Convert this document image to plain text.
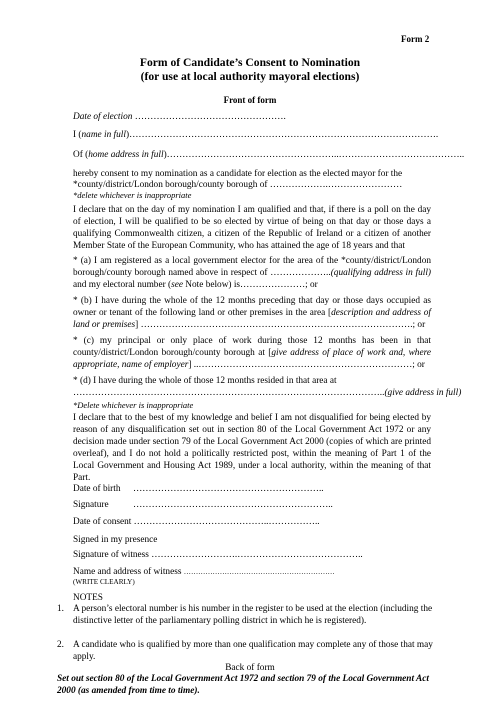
Form 2
Form of Candidate’s Consent to Nomination
(for use at local authority mayoral elections)
Front of form
Date of election ………………………………………….
I (name in full)……………………………………………………………………………………….
Of (home address in full)………………………………………………..…………………………………..
hereby consent to my nomination as a candidate for election as the elected mayor for the
*county/district/London borough/county borough of ……………….……………………
*delete whichever is inappropriate
I declare that on the day of my nomination I am qualified and that, if there is a poll on the day of election, I will be qualified to be so elected by virtue of being on that day or those days a qualifying Commonwealth citizen, a citizen of the Republic of Ireland or a citizen of another Member State of the European Community, who has attained the age of 18 years and that
* (a) I am registered as a local government elector for the area of the *county/district/London borough/county borough named above in respect of ………………..(qualifying address in full) and my electoral number (see Note below) is…………………; or
* (b) I have during the whole of the 12 months preceding that day or those days occupied as owner or tenant of the following land or other premises in the area [description and address of land or premises] …………………………………………………………………………….; or
* (c) my principal or only place of work during those 12 months has been in that county/district/London borough/county borough at [give address of place of work and, where appropriate, name of employer] ..……………………………………………………………; or
* (d) I have during the whole of those 12 months resided in that area at
………………………………………………………………………………………..(give address in full)
*Delete whichever is inappropriate
I declare that to the best of my knowledge and belief I am not disqualified for being elected by reason of any disqualification set out in section 80 of the Local Government Act 1972 or any decision made under section 79 of the Local Government Act 2000 (copies of which are printed overleaf), and I do not hold a politically restricted post, within the meaning of Part 1 of the Local Government and Housing Act 1989, under a local authority, within the meaning of that Part.
Date of birth ……………………………………………………..
Signature	………………………………………………………..
Date of consent ……………………………………..……………..
Signed in my presence
Signature of witness ……………………….…………………………………..
Name and address of witness ………………………………………………………
(WRITE CLEARLY)
NOTES
1. A person’s electoral number is his number in the register to be used at the election (including the distinctive letter of the parliamentary polling district in which he is registered).
2. A candidate who is qualified by more than one qualification may complete any of those that may apply.
Back of form
Set out section 80 of the Local Government Act 1972 and section 79 of the Local Government Act 2000 (as amended from time to time).
